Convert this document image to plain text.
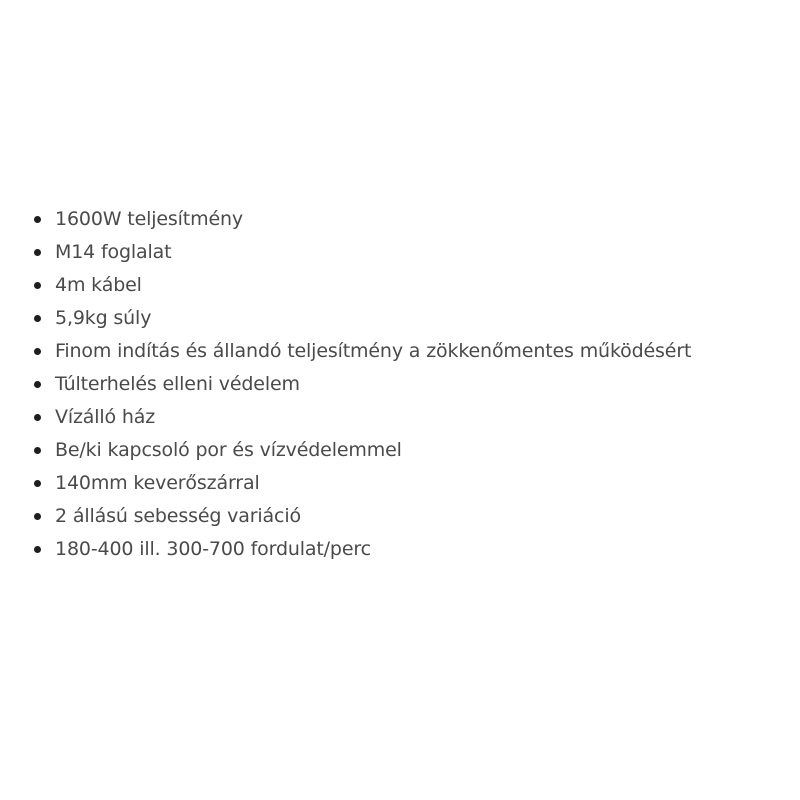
1600W teljesítmény
M14 foglalat
4m kábel
5,9kg súly
Finom indítás és állandó teljesítmény a zökkenőmentes működésért
Túlterhelés elleni védelem
Vízálló ház
Be/ki kapcsoló por és vízvédelemmel
140mm keverőszárral
2 állású sebesség variáció
180-400 ill. 300-700 fordulat/perc
